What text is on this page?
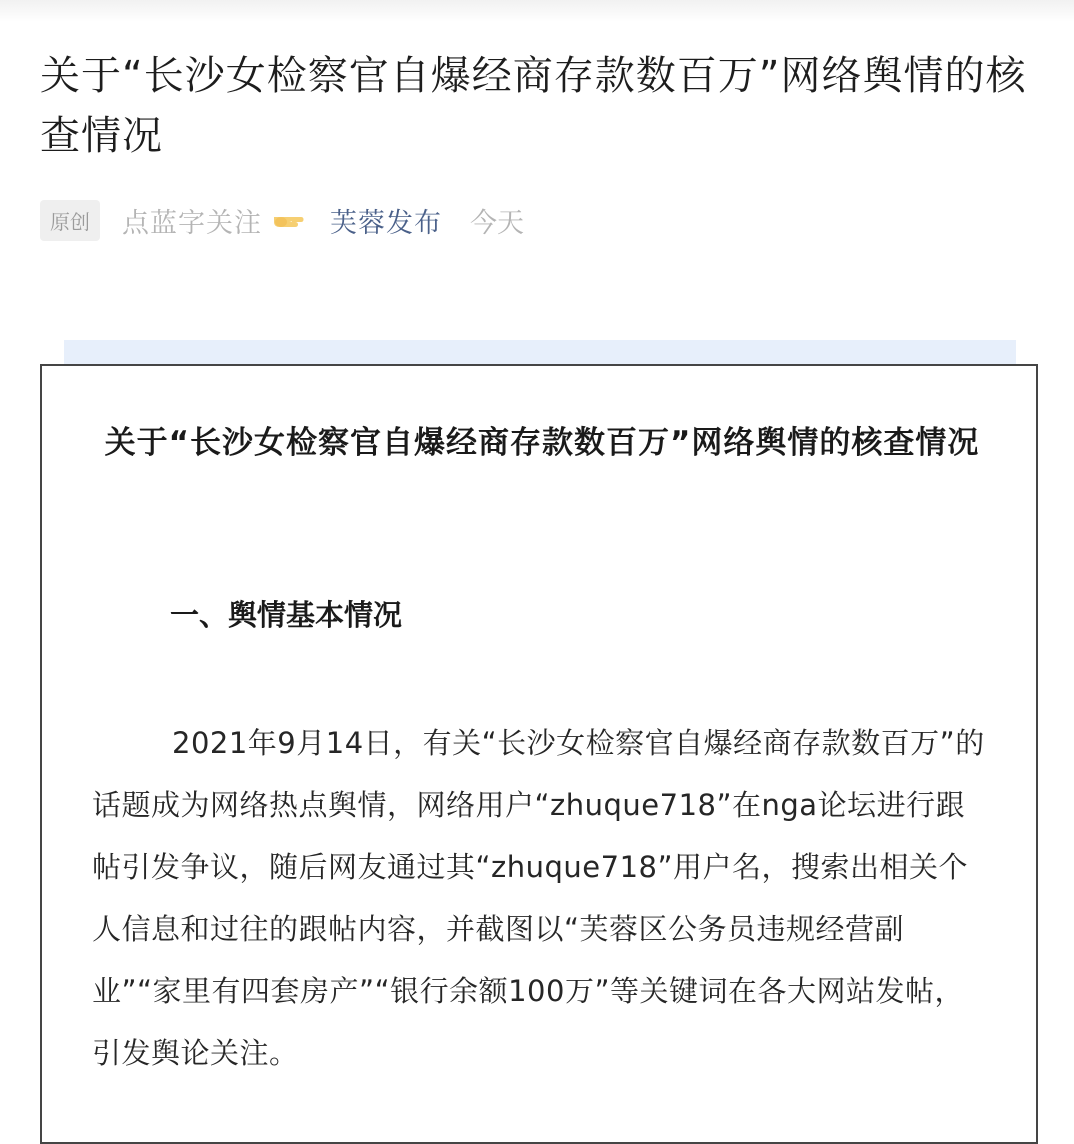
关于“长沙女检察官自爆经商存款数百万”网络舆情的核查情况
原创	点蓝字关注	芙蓉发布 今天
关于“长沙女检察官自爆经商存款数百万”网络舆情的核查情况
一、舆情基本情况

2021年9月14日，有关“长沙女检察官自爆经商存款数百万”的话题成为网络热点舆情，网络用户“zhuque718”在nga论坛进行跟帖引发争议，随后网友通过其“zhuque718”用户名，搜索出相关个人信息和过往的跟帖内容，并截图以“芙蓉区公务员违规经营副业”“家里有四套房产”“银行余额100万”等关键词在各大网站发帖，引发舆论关注。
